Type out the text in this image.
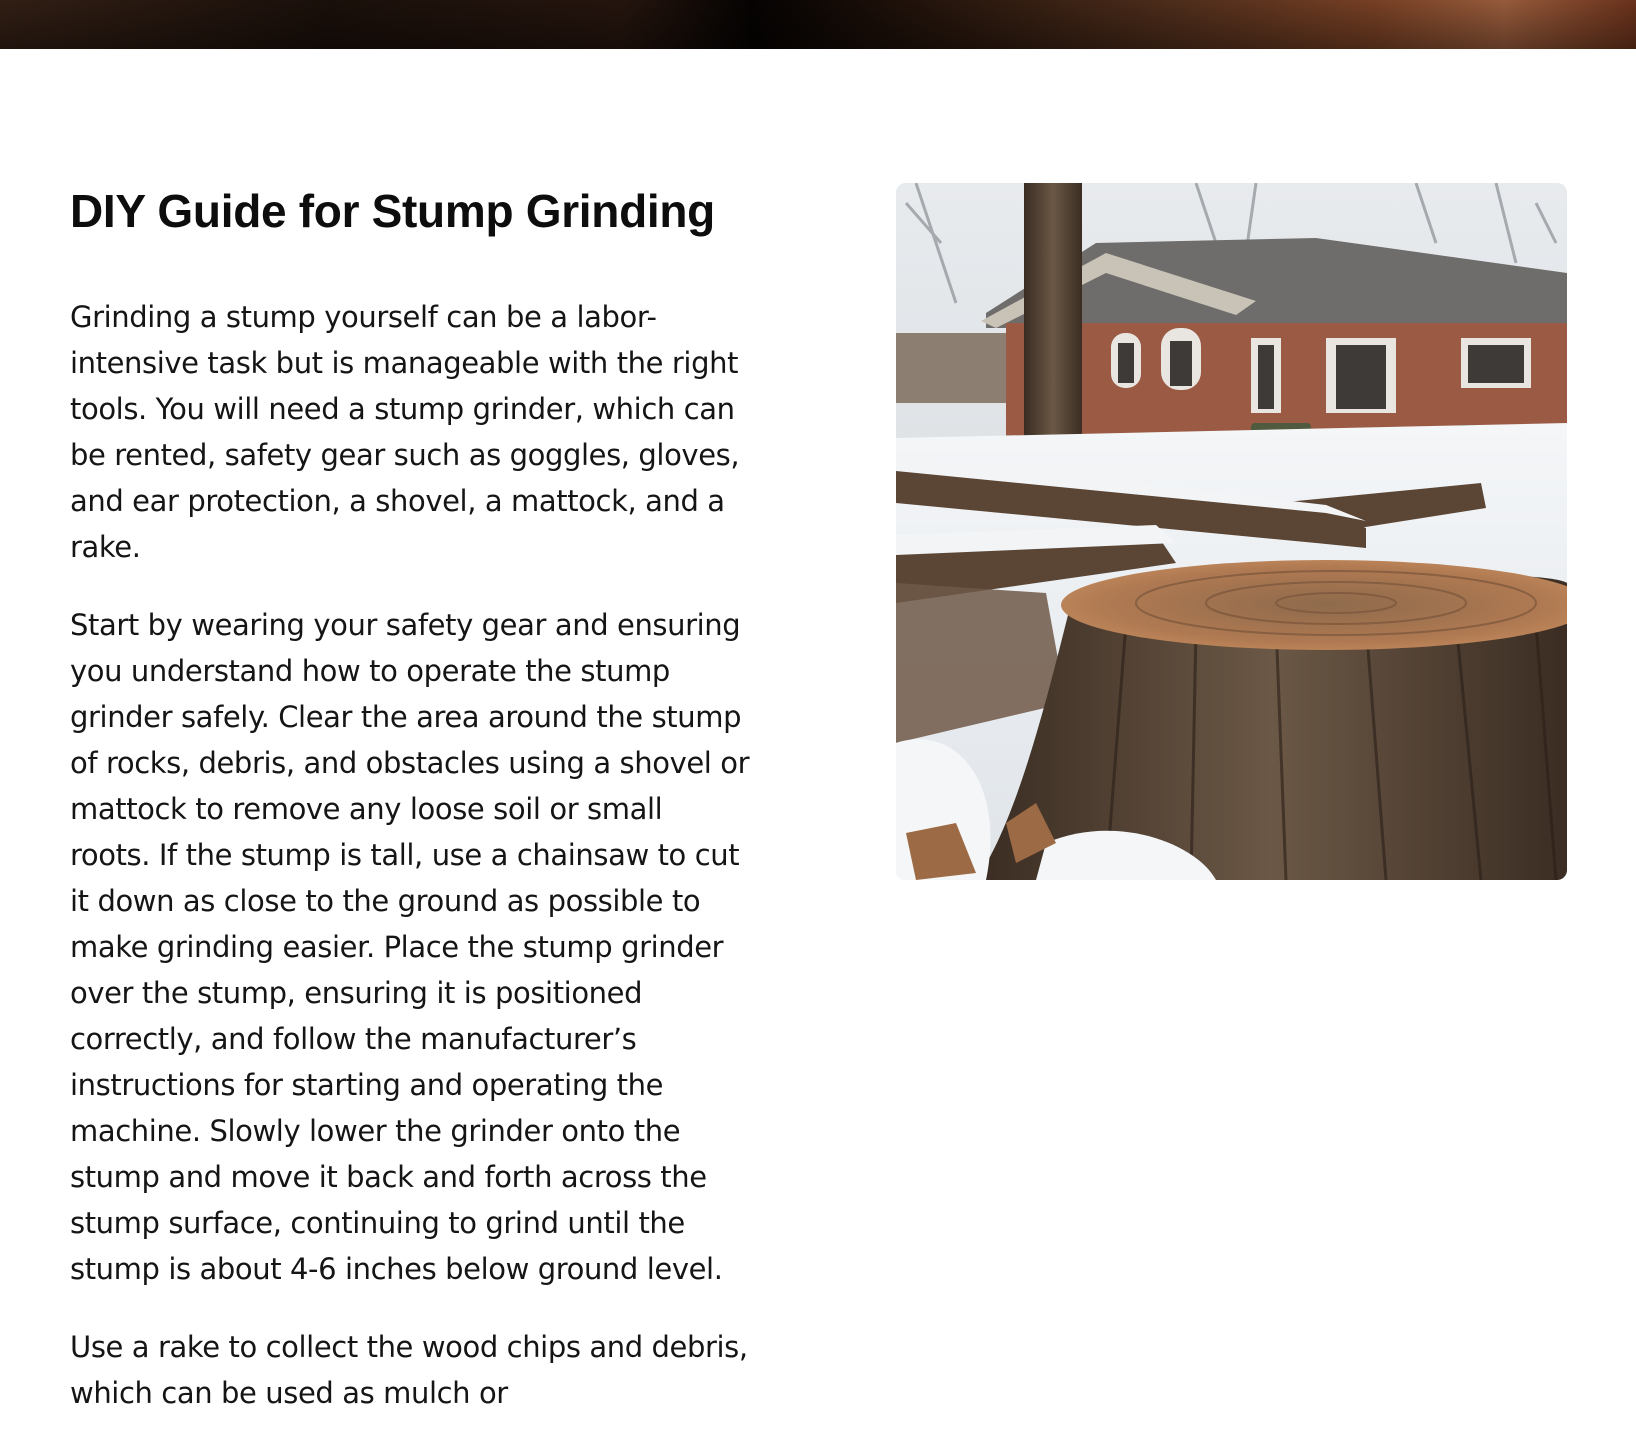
DIY Guide for Stump Grinding

Grinding a stump yourself can be a labor-intensive task but is manageable with the right tools. You will need a stump grinder, which can be rented, safety gear such as goggles, gloves, and ear protection, a shovel, a mattock, and a rake.

Start by wearing your safety gear and ensuring you understand how to operate the stump grinder safely. Clear the area around the stump of rocks, debris, and obstacles using a shovel or mattock to remove any loose soil or small roots. If the stump is tall, use a chainsaw to cut it down as close to the ground as possible to make grinding easier. Place the stump grinder over the stump, ensuring it is positioned correctly, and follow the manufacturer’s instructions for starting and operating the machine. Slowly lower the grinder onto the stump and move it back and forth across the stump surface, continuing to grind until the stump is about 4-6 inches below ground level.

Use a rake to collect the wood chips and debris, which can be used as mulch or
